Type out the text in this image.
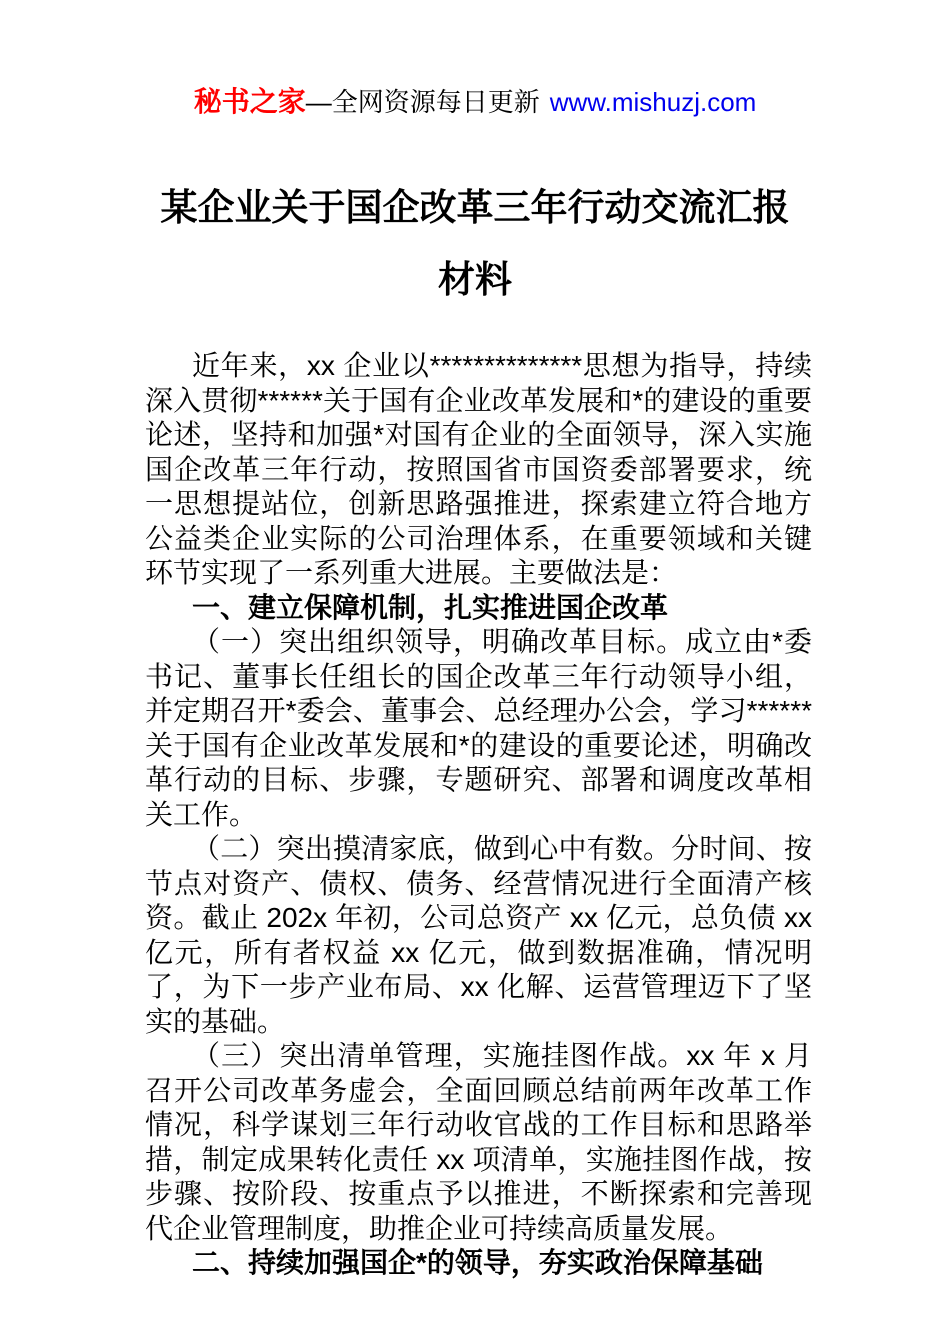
秘书之家—全网资源每日更新 www.mishuzj.com
某企业关于国企改革三年行动交流汇报材料

近年来，xx 企业以**************思想为指导，持续深入贯彻******关于国有企业改革发展和*的建设的重要论述，坚持和加强*对国有企业的全面领导，深入实施国企改革三年行动，按照国省市国资委部署要求，统一思想提站位，创新思路强推进，探索建立符合地方公益类企业实际的公司治理体系，在重要领域和关键环节实现了一系列重大进展。主要做法是：

一、建立保障机制，扎实推进国企改革

（一）突出组织领导，明确改革目标。成立由*委书记、董事长任组长的国企改革三年行动领导小组，并定期召开*委会、董事会、总经理办公会，学习******关于国有企业改革发展和*的建设的重要论述，明确改革行动的目标、步骤，专题研究、部署和调度改革相关工作。

（二）突出摸清家底，做到心中有数。分时间、按节点对资产、债权、债务、经营情况进行全面清产核资。截止 202x 年初，公司总资产 xx 亿元，总负债 xx 亿元，所有者权益 xx 亿元，做到数据准确，情况明了，为下一步产业布局、xx 化解、运营管理迈下了坚实的基础。

（三）突出清单管理，实施挂图作战。xx 年 x 月召开公司改革务虚会，全面回顾总结前两年改革工作情况，科学谋划三年行动收官战的工作目标和思路举措，制定成果转化责任 xx 项清单，实施挂图作战，按步骤、按阶段、按重点予以推进，不断探索和完善现代企业管理制度，助推企业可持续高质量发展。

二、持续加强国企*的领导，夯实政治保障基础
